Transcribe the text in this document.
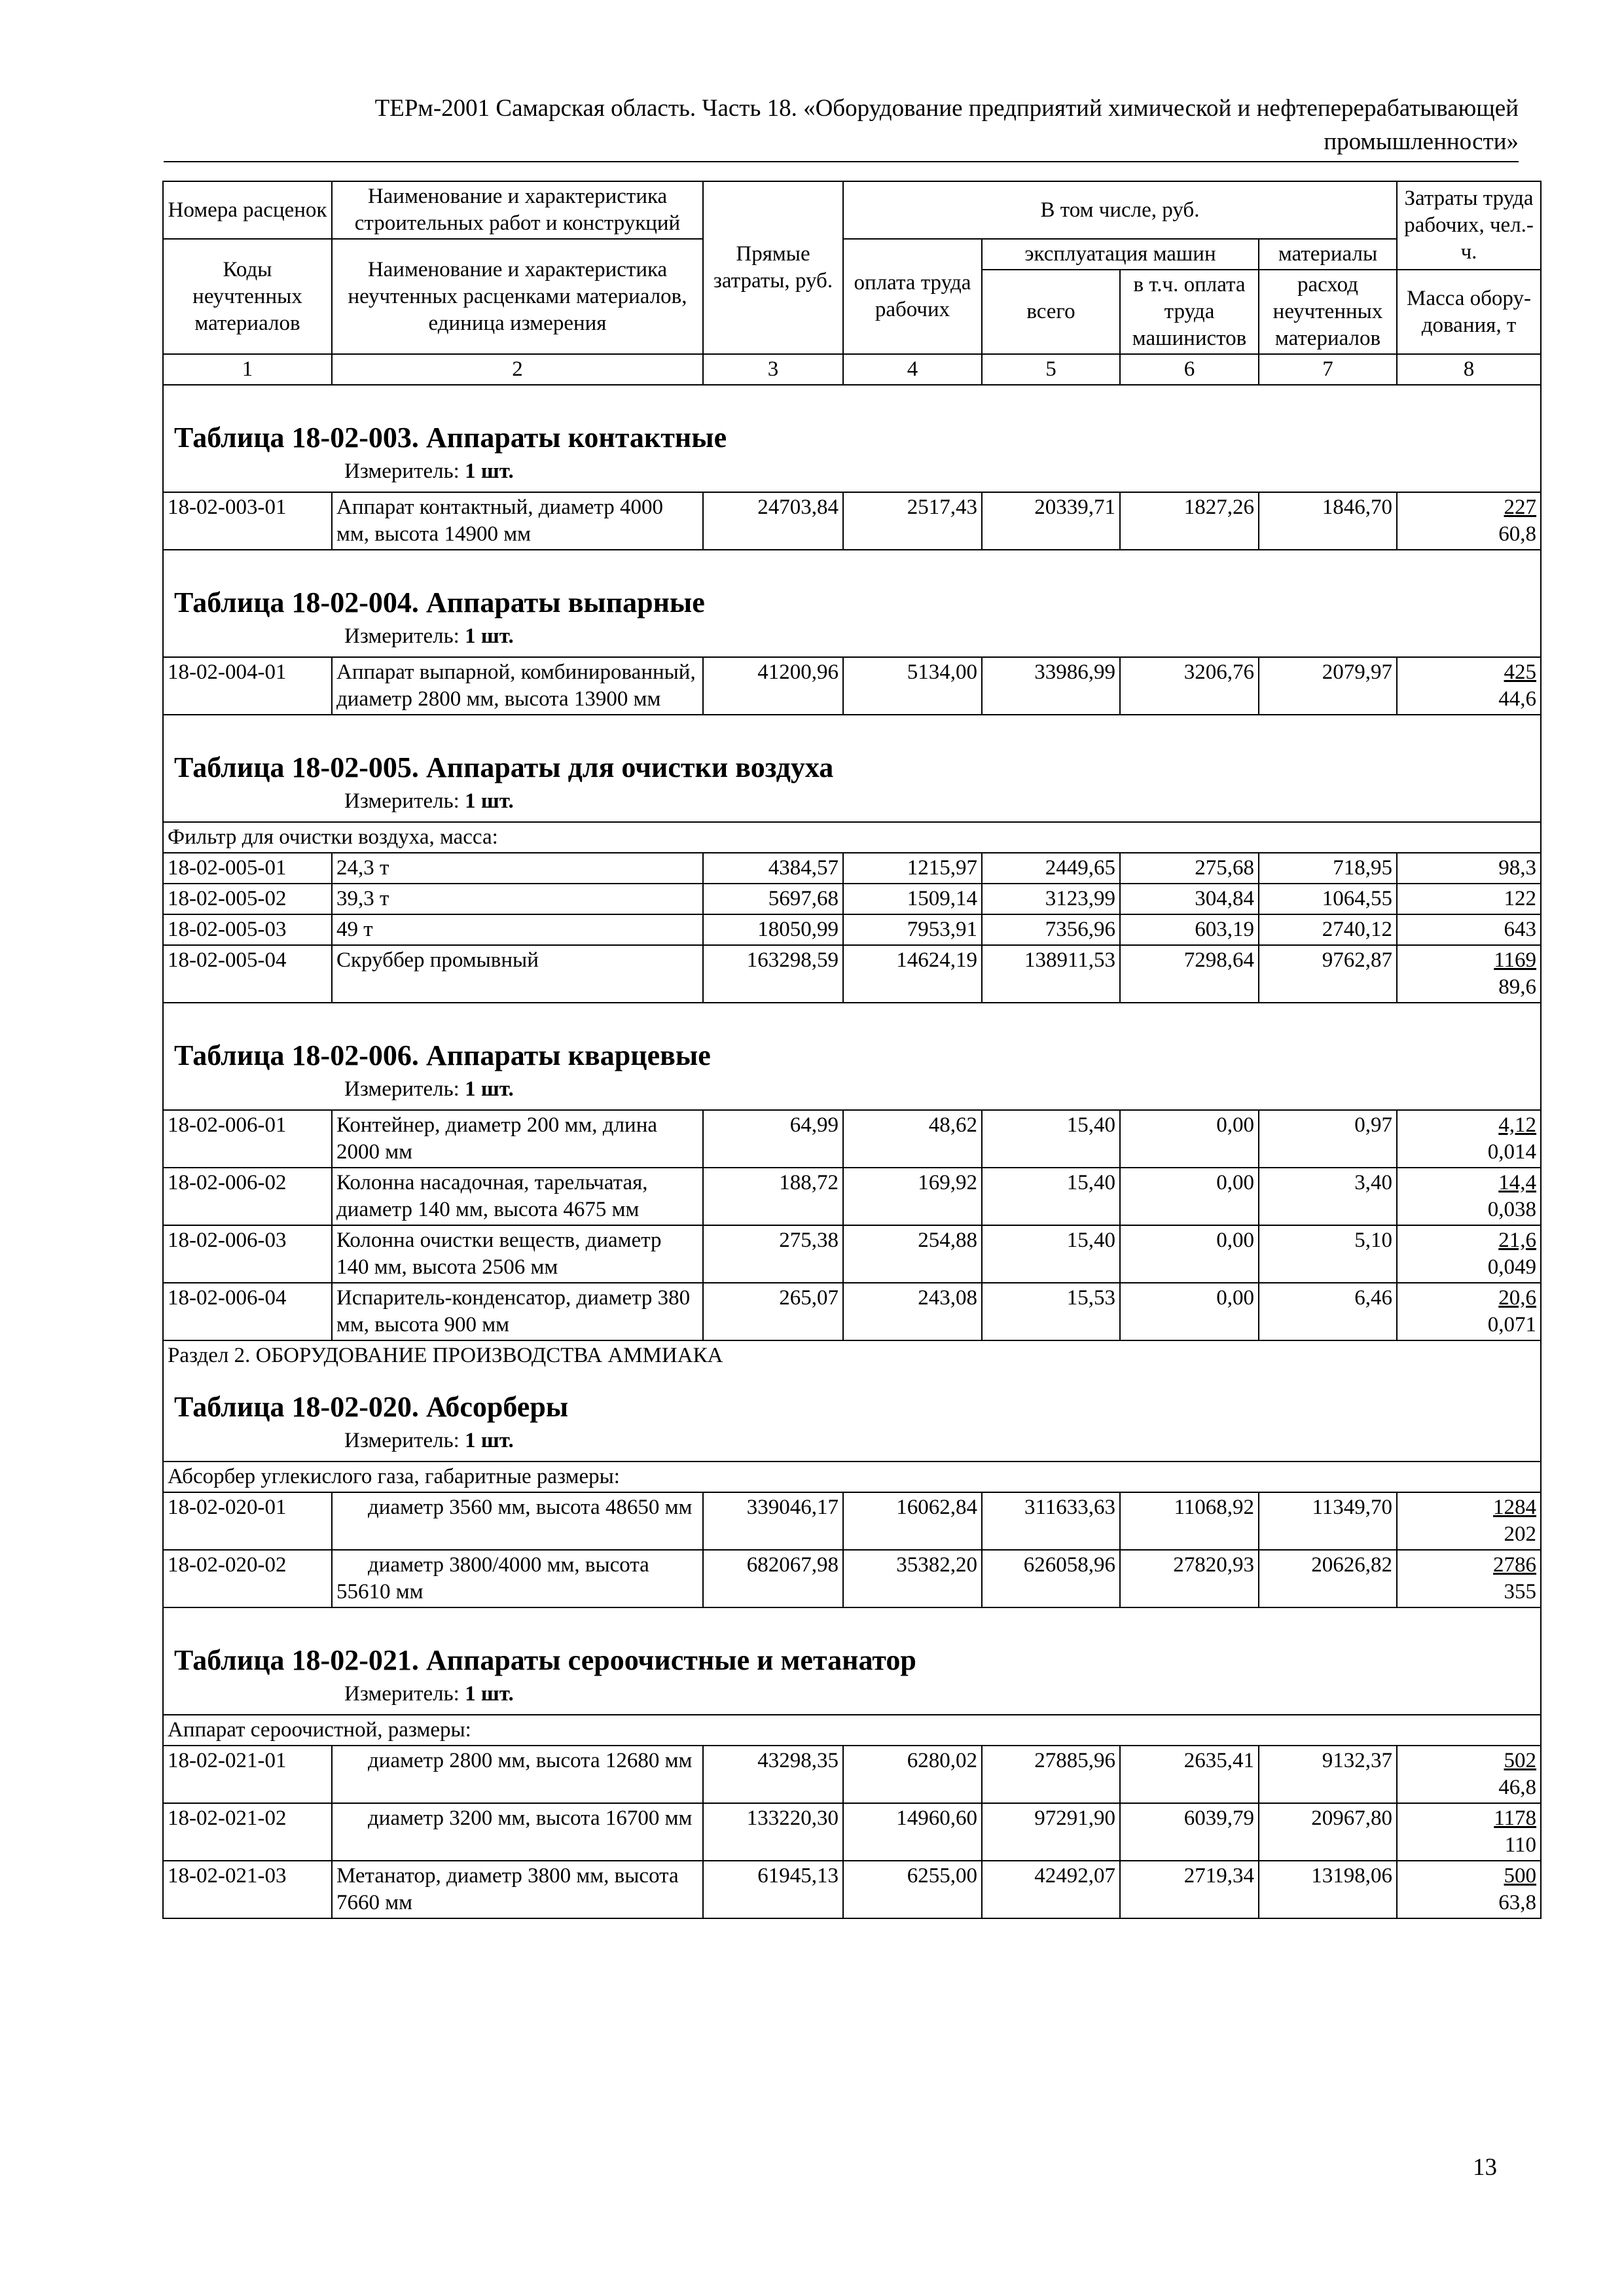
ТЕРм-2001 Самарская область. Часть 18. «Оборудование предприятий химической и нефтеперерабатывающей
промышленности»
Номера расценок	Наименование и характеристика строительных работ и конструкций	Прямые затраты, руб.	В том числе, руб.				Затраты труда рабочих, чел.-ч.
Коды неучтенных материалов	Наименование и характеристика неучтенных расценками материалов, единица измерения		оплата труда рабочих	эксплуатация машин		материалы	
				всего	в т.ч. оплата труда машинистов	расход неучтенных материалов	Масса обору-дования, т
1	2	3	4	5	6	7	8

Таблица 18-02-003. Аппараты контактные
Измеритель: 1 шт.							

18-02-003-01	Аппарат контактный, диаметр 4000 мм, высота 14900 мм	24703,84	2517,43	20339,71	1827,26	1846,70	227
60,8

Таблица 18-02-004. Аппараты выпарные
Измеритель: 1 шт.							

18-02-004-01	Аппарат выпарной, комбинированный, диаметр 2800 мм, высота 13900 мм	41200,96	5134,00	33986,99	3206,76	2079,97	425
44,6

Таблица 18-02-005. Аппараты для очистки воздуха
Измеритель: 1 шт.							

Фильтр для очистки воздуха, масса:							
18-02-005-01	24,3 т	4384,57	1215,97	2449,65	275,68	718,95	98,3
18-02-005-02	39,3 т	5697,68	1509,14	3123,99	304,84	1064,55	122
18-02-005-03	49 т	18050,99	7953,91	7356,96	603,19	2740,12	643
18-02-005-04	Скруббер промывный	163298,59	14624,19	138911,53	7298,64	9762,87	1169
89,6

Таблица 18-02-006. Аппараты кварцевые
Измеритель: 1 шт.							

18-02-006-01	Контейнер, диаметр 200 мм, длина 2000 мм	64,99	48,62	15,40	0,00	0,97	4,12
0,014

18-02-006-02	Колонна насадочная, тарельчатая, диаметр 140 мм, высота 4675 мм	188,72	169,92	15,40	0,00	3,40	14,4
0,038

18-02-006-03	Колонна очистки веществ, диаметр 140 мм, высота 2506 мм	275,38	254,88	15,40	0,00	5,10	21,6
0,049

18-02-006-04	Испаритель-конденсатор, диаметр 380 мм, высота 900 мм	265,07	243,08	15,53	0,00	6,46	20,6
0,071

Раздел 2. ОБОРУДОВАНИЕ ПРОИЗВОДСТВА АММИАКА
Таблица 18-02-020. Абсорберы
Измеритель: 1 шт.							

Абсорбер углекислого газа, габаритные размеры:							
18-02-020-01	диаметр 3560 мм, высота 48650 мм	339046,17	16062,84	311633,63	11068,92	11349,70	1284
202

18-02-020-02	диаметр 3800/4000 мм, высота 55610 мм	682067,98	35382,20	626058,96	27820,93	20626,82	2786
355

Таблица 18-02-021. Аппараты сероочистные и метанатор
Измеритель: 1 шт.							

Аппарат сероочистной, размеры:							
18-02-021-01	диаметр 2800 мм, высота 12680 мм	43298,35	6280,02	27885,96	2635,41	9132,37	502
46,8

18-02-021-02	диаметр 3200 мм, высота 16700 мм	133220,30	14960,60	97291,90	6039,79	20967,80	1178
110

18-02-021-03	Метанатор, диаметр 3800 мм, высота 7660 мм	61945,13	6255,00	42492,07	2719,34	13198,06	500
63,8
13
